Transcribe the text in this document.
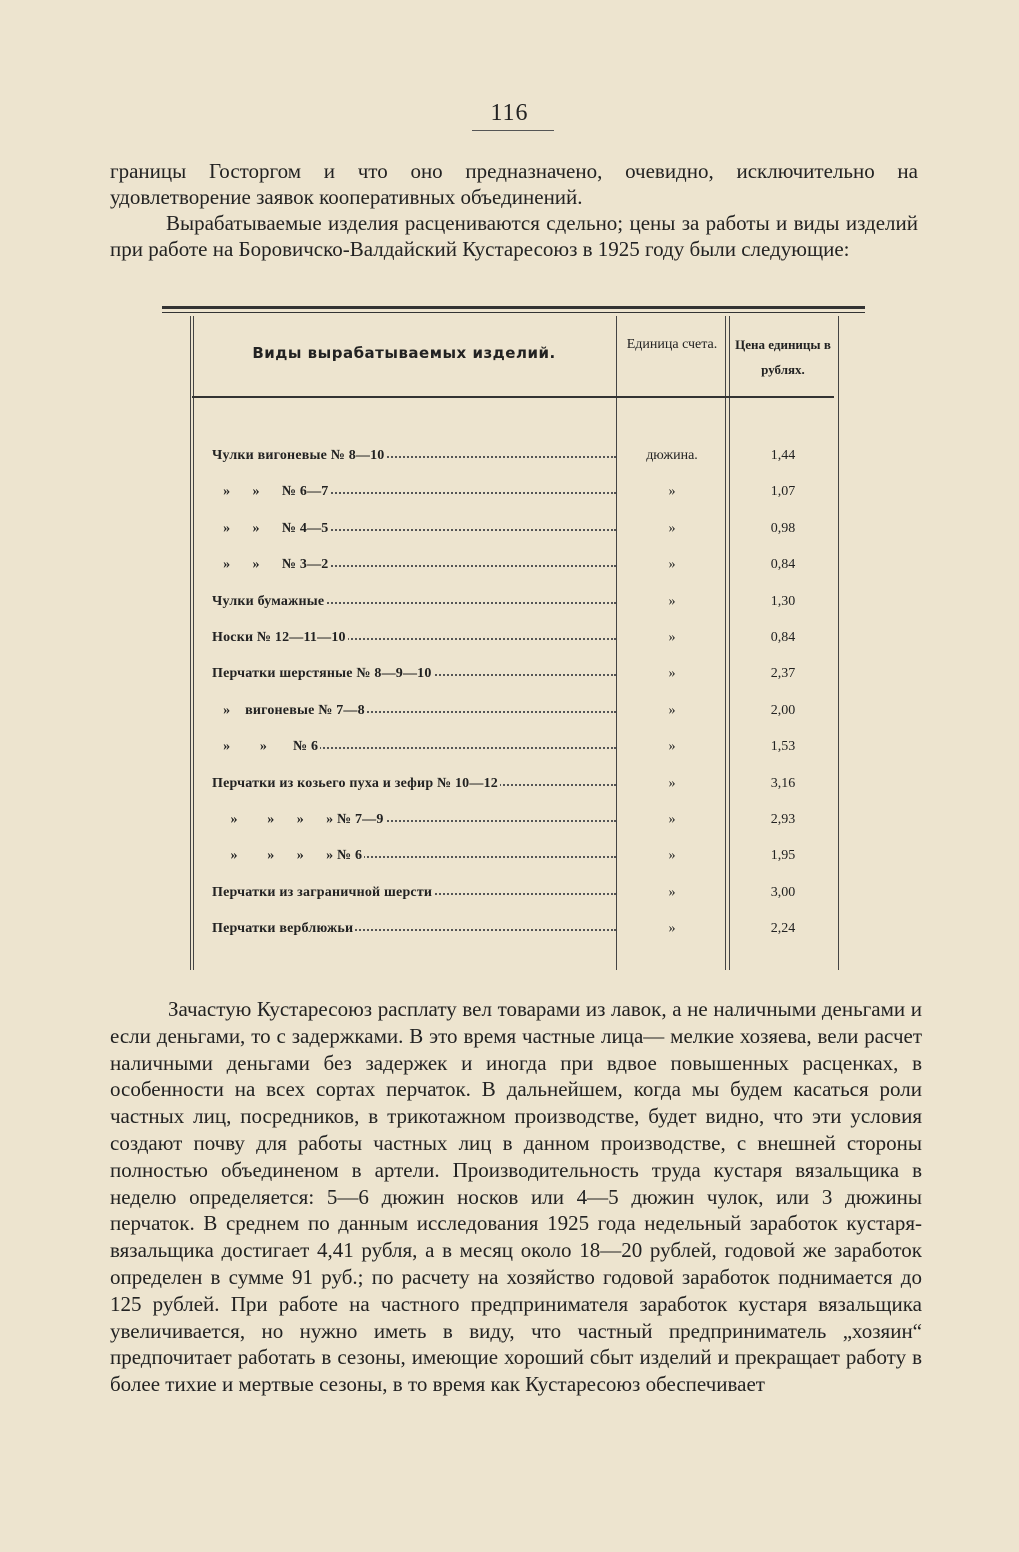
116
границы Госторгом и что оно предназначено, очевидно, исключительно на удовлетворение заявок кооперативных объединений.
Вырабатываемые изделия расцениваются сдельно; цены за работы и виды изделий при работе на Боровичско-Валдайский Кустаресоюз в 1925 году были следующие:
Виды вырабатываемых изделий.	Единица счета.	Цена единицы в рублях.
Чулки вигоневые № 8—10	дюжина.	1,44
»      »      № 6—7	»	1,07
»      »      № 4—5	»	0,98
»      »      № 3—2	»	0,84
Чулки бумажные	»	1,30
Носки № 12—11—10	»	0,84
Перчатки шерстяные № 8—9—10	»	2,37
»    вигоневые № 7—8	»	2,00
»        »       № 6	»	1,53
Перчатки из козьего пуха и зефир № 10—12	»	3,16
»        »      »      » № 7—9	»	2,93
»        »      »      » № 6	»	1,95
Перчатки из заграничной шерсти	»	3,00
Перчатки верблюжьи	»	2,24
Зачастую Кустаресоюз расплату вел товарами из лавок, а не наличными деньгами и если деньгами, то с задержками. В это время частные лица— мелкие хозяева, вели расчет наличными деньгами без задержек и иногда при вдвое повышенных расценках, в особенности на всех сортах перчаток. В дальнейшем, когда мы будем касаться роли частных лиц, посредников, в трикотажном производстве, будет видно, что эти условия создают почву для работы частных лиц в данном производстве, с внешней стороны полностью объединеном в артели. Производительность труда кустаря вязальщика в неделю определяется: 5—6 дюжин носков или 4—5 дюжин чулок, или 3 дюжины перчаток. В среднем по данным исследования 1925 года недельный заработок кустаря-вязальщика достигает 4,41 рубля, а в месяц около 18—20 рублей, годовой же заработок определен в сумме 91 руб.; по расчету на хозяйство годовой заработок поднимается до 125 рублей. При работе на частного предпринимателя заработок кустаря вязальщика увеличивается, но нужно иметь в виду, что частный предприниматель „хозяин“ предпочитает работать в сезоны, имеющие хороший сбыт изделий и прекращает работу в более тихие и мертвые сезоны, в то время как Кустаресоюз обеспечивает
